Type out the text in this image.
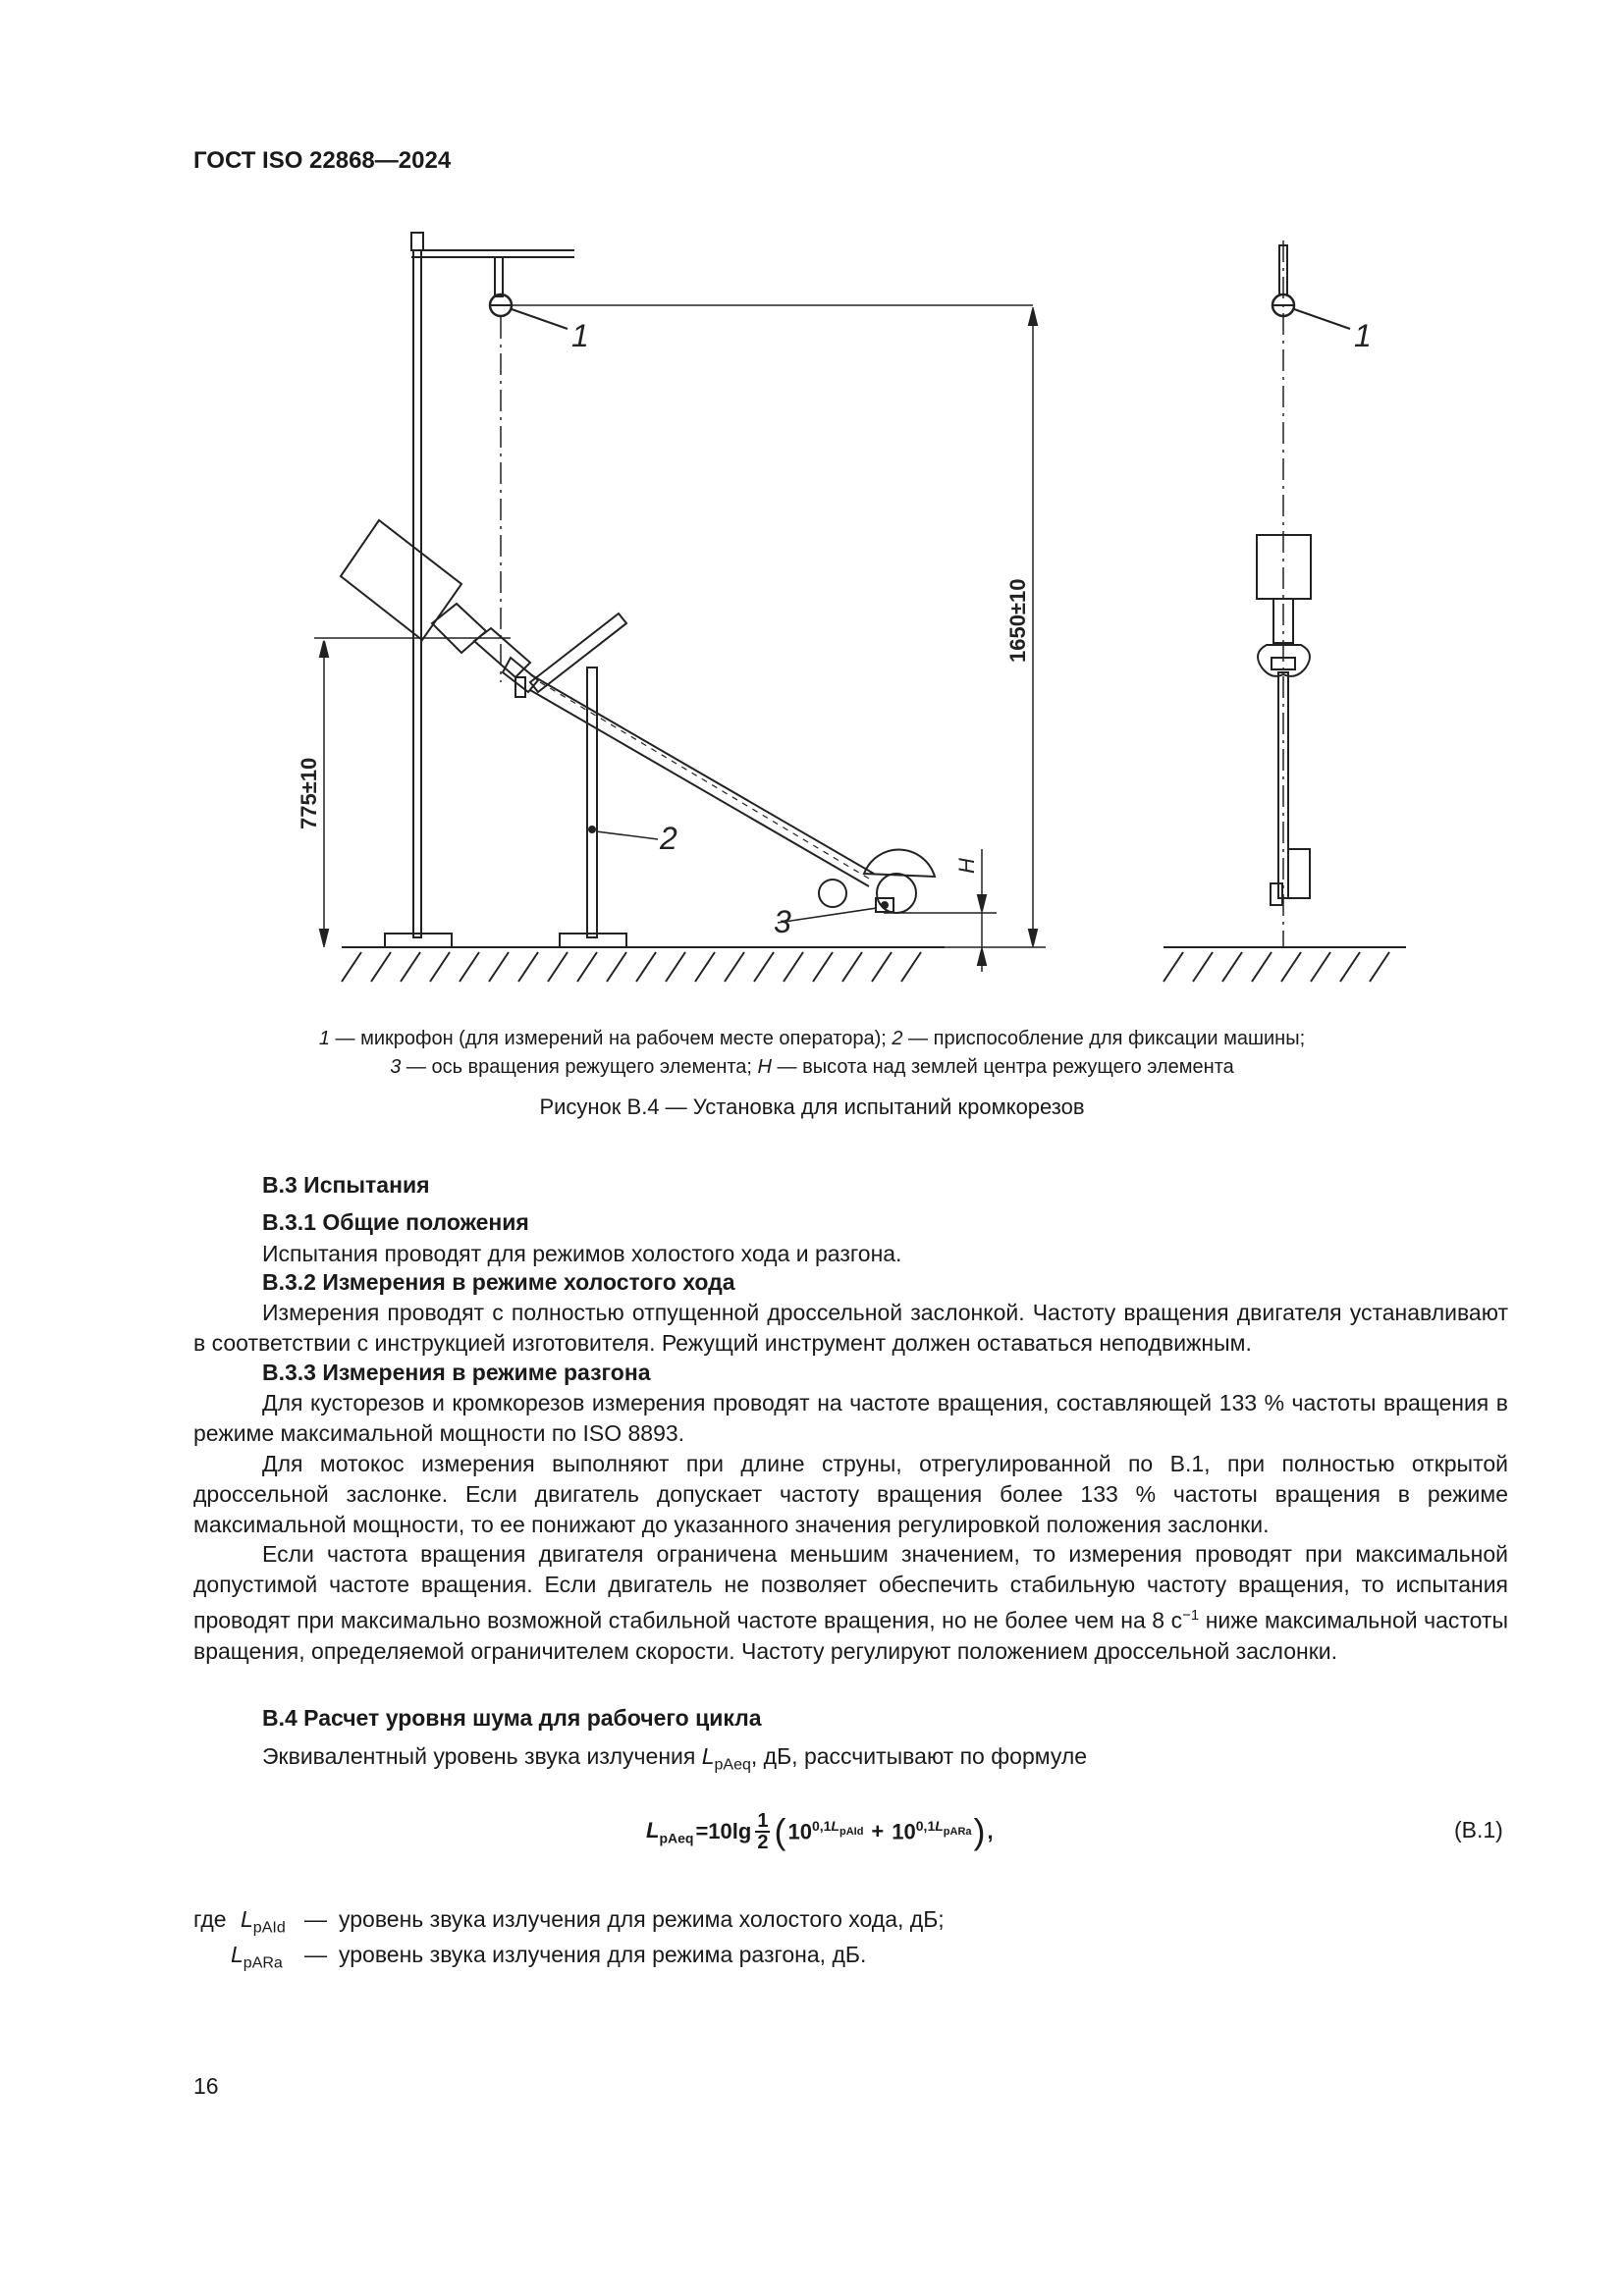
ГОСТ ISO 22868—2024
1	1
2
3
H
775±10
1650±10
1 — микрофон (для измерений на рабочем месте оператора); 2 — приспособление для фиксации машины;
3 — ось вращения режущего элемента; H — высота над землей центра режущего элемента
Рисунок В.4 — Установка для испытаний кромкорезов
В.3 Испытания
В.3.1 Общие положения
Испытания проводят для режимов холостого хода и разгона.
В.3.2 Измерения в режиме холостого хода
Измерения проводят с полностью отпущенной дроссельной заслонкой. Частоту вращения двигателя устанавливают в соответствии с инструкцией изготовителя. Режущий инструмент должен оставаться неподвижным.
В.3.3 Измерения в режиме разгона
Для кусторезов и кромкорезов измерения проводят на частоте вращения, составляющей 133 % частоты вращения в режиме максимальной мощности по ISO 8893.
Для мотокос измерения выполняют при длине струны, отрегулированной по В.1, при полностью открытой дроссельной заслонке. Если двигатель допускает частоту вращения более 133 % частоты вращения в режиме максимальной мощности, то ее понижают до указанного значения регулировкой положения заслонки.
Если частота вращения двигателя ограничена меньшим значением, то измерения проводят при максимальной допустимой частоте вращения. Если двигатель не позволяет обеспечить стабильную частоту вращения, то испытания проводят при максимально возможной стабильной частоте вращения, но не более чем на 8 $с^{-1}$ ниже максимальной частоты вращения, определяемой ограничителем скорости. Частоту регулируют положением дроссельной заслонки.
В.4 Расчет уровня шума для рабочего цикла
Эквивалентный уровень звука излучения $L_{pAeq}$, дБ, рассчитывают по формуле
$L_{pAeq} =10\lg$ 1
2 ( $10^{0,1L_{pAId}} + 10^{0,1L_{pARa}}$ ) ,	(В.1)
где $L_{pAId}$ — уровень звука излучения для режима холостого хода, дБ;
$L_{pARa}$ — уровень звука излучения для режима разгона, дБ.
16
